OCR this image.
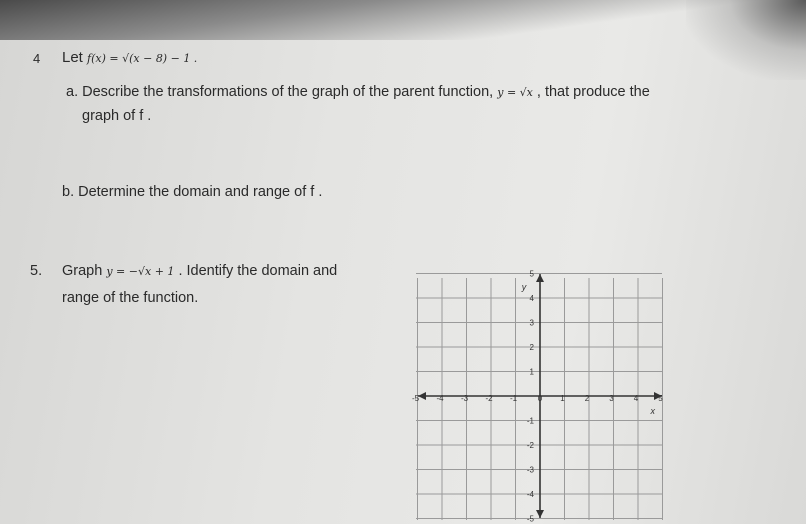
4 Let f(x) = √(x − 8) − 1 .
a. Describe the transformations of the graph of the parent function, y = √x , that produce the
graph of f .
b. Determine the domain and range of f .
5. Graph y = −√x + 1 . Identify the domain and
range of the function.
-5 -4 -3 -2 -1	0 1	2	3	4	5
5
4
3
2
1
-1
-2
-3
-4
-5
x
y
